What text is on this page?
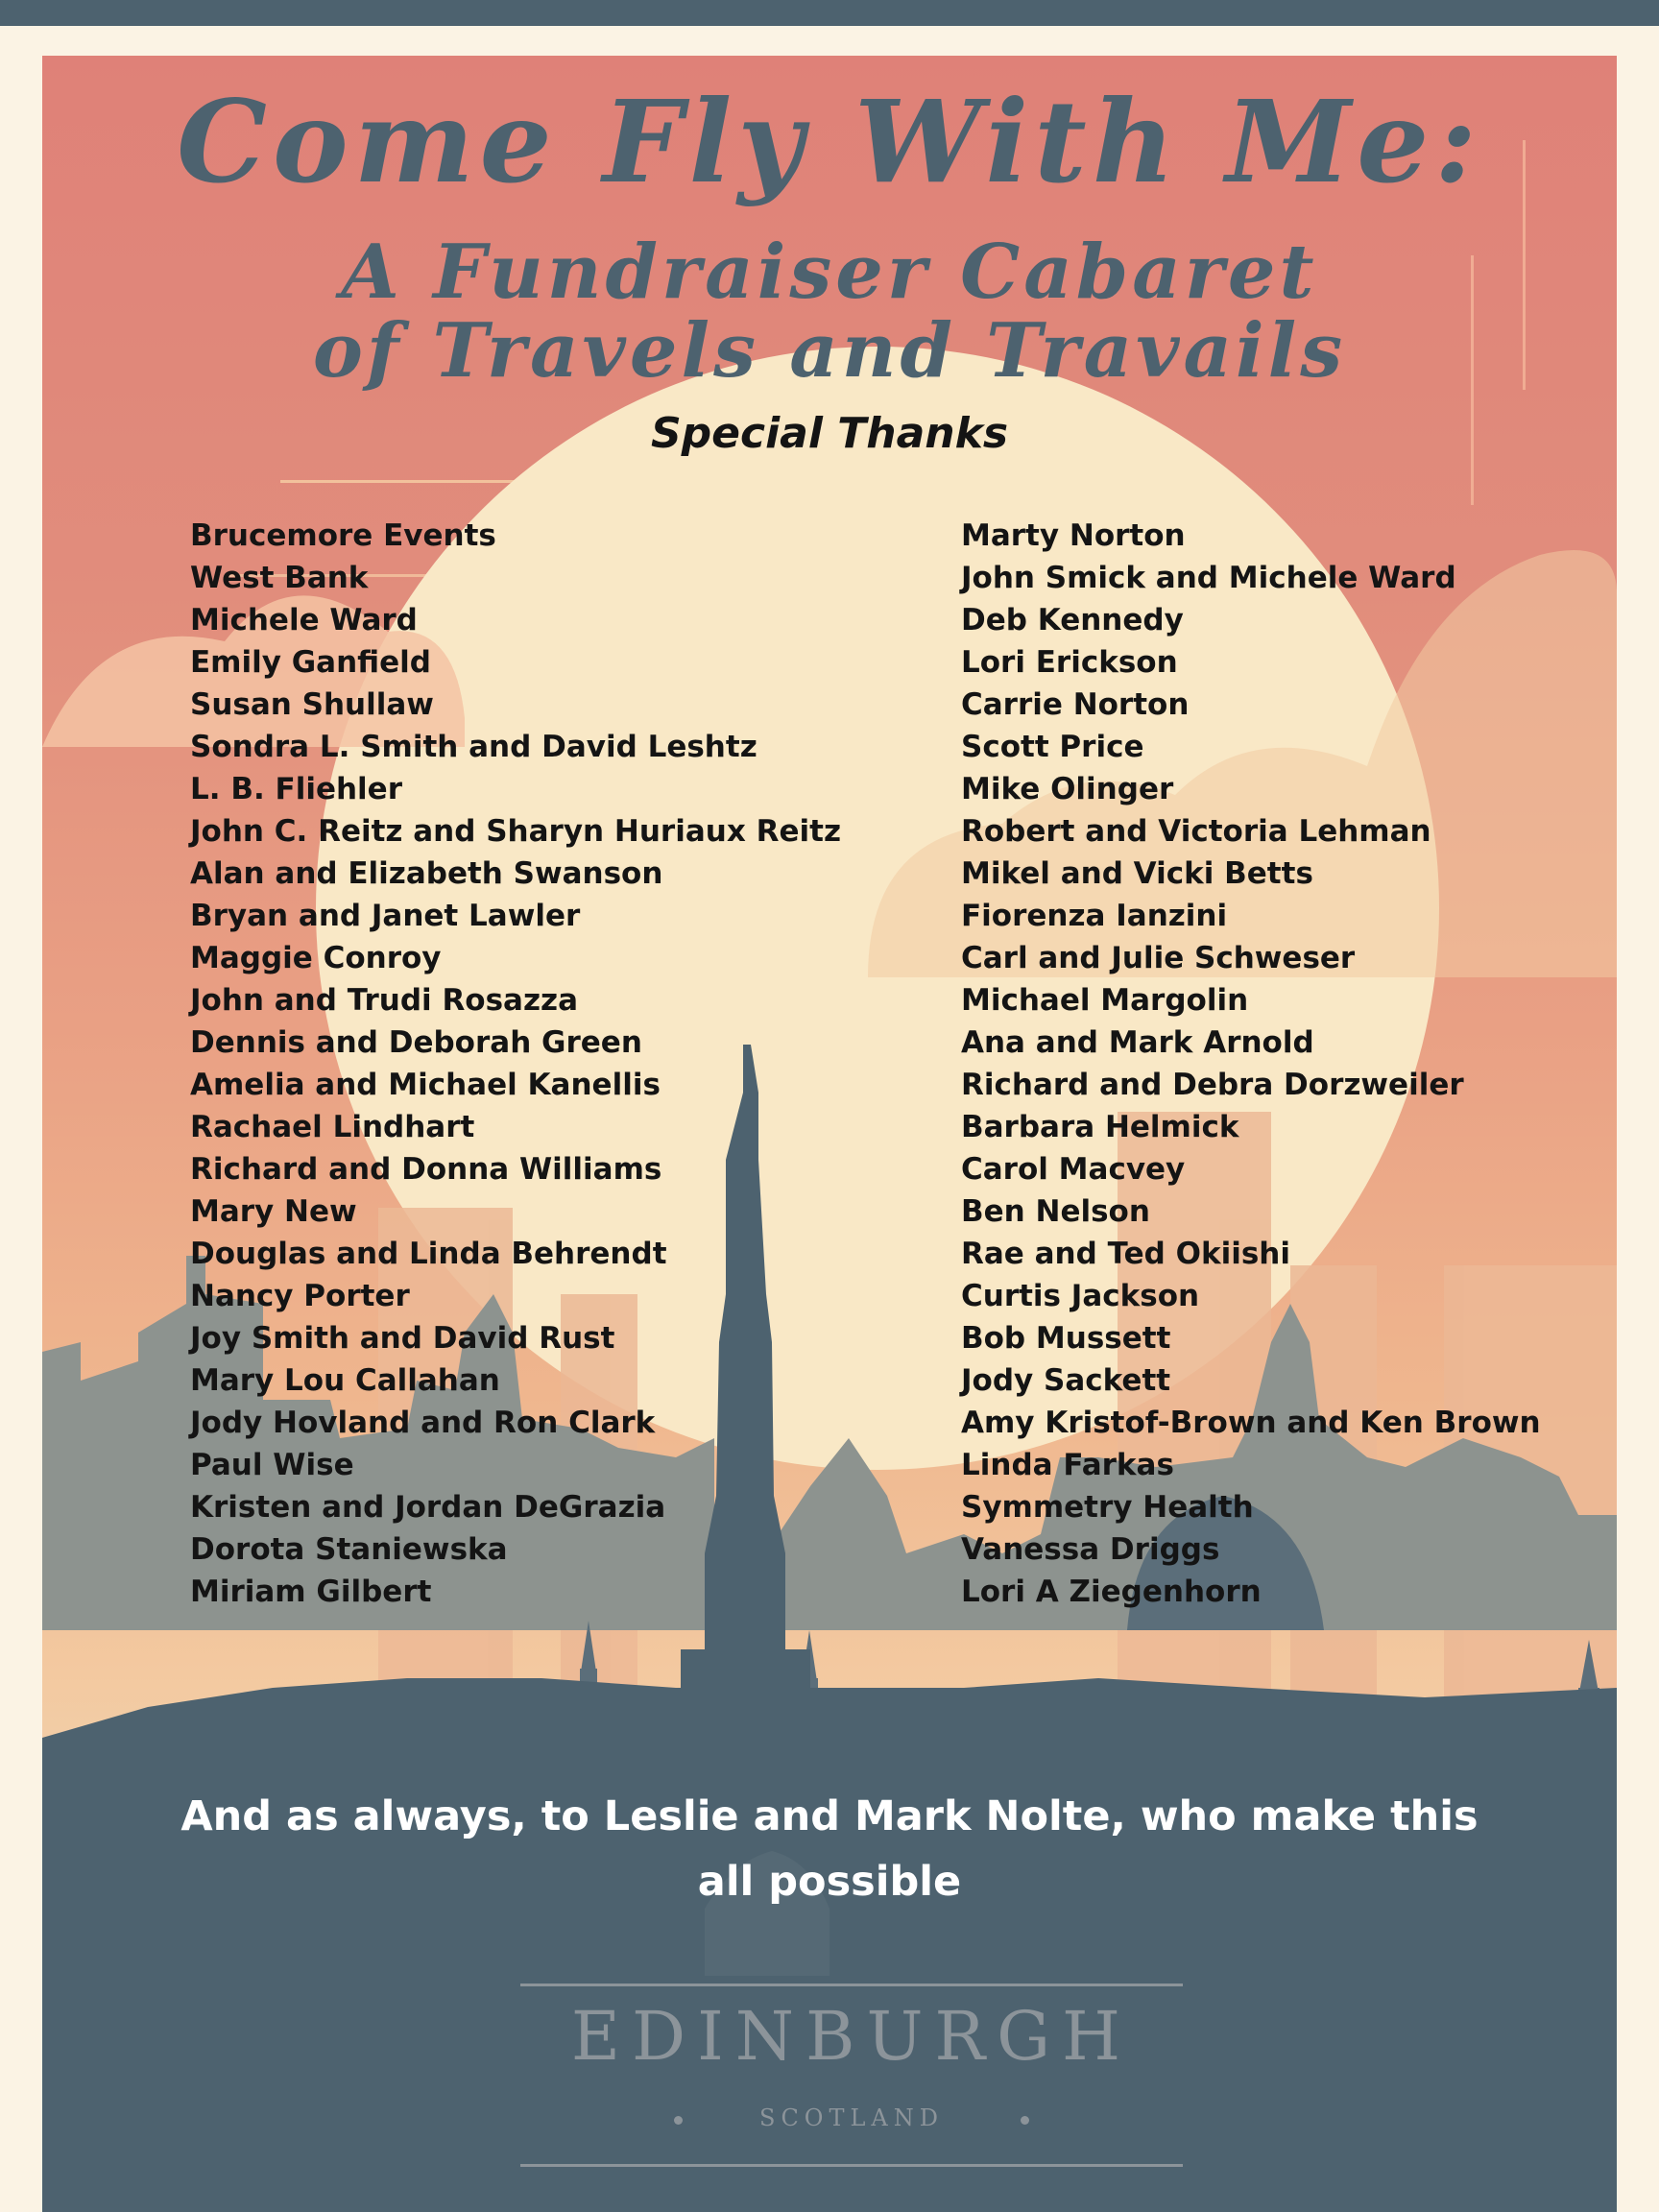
Come Fly With Me:
A Fundraiser Cabaret
of Travels and Travails
Special Thanks
Brucemore Events
West Bank
Michele Ward
Emily Ganfield
Susan Shullaw
Sondra L. Smith and David Leshtz
L. B. Fliehler
John C. Reitz and Sharyn Huriaux Reitz
Alan and Elizabeth Swanson
Bryan and Janet Lawler
Maggie Conroy
John and Trudi Rosazza
Dennis and Deborah Green
Amelia and Michael Kanellis
Rachael Lindhart
Richard and Donna Williams
Mary New
Douglas and Linda Behrendt
Nancy Porter
Joy Smith and David Rust
Mary Lou Callahan
Jody Hovland and Ron Clark
Paul Wise
Kristen and Jordan DeGrazia
Dorota Staniewska
Miriam Gilbert
Marty Norton
John Smick and Michele Ward
Deb Kennedy
Lori Erickson
Carrie Norton
Scott Price
Mike Olinger
Robert and Victoria Lehman
Mikel and Vicki Betts
Fiorenza Ianzini
Carl and Julie Schweser
Michael Margolin
Ana and Mark Arnold
Richard and Debra Dorzweiler
Barbara Helmick
Carol Macvey
Ben Nelson
Rae and Ted Okiishi
Curtis Jackson
Bob Mussett
Jody Sackett
Amy Kristof-Brown and Ken Brown
Linda Farkas
Symmetry Health
Vanessa Driggs
Lori A Ziegenhorn

And as always, to Leslie and Mark Nolte, who make this all possible

EDINBURGH
SCOTLAND
